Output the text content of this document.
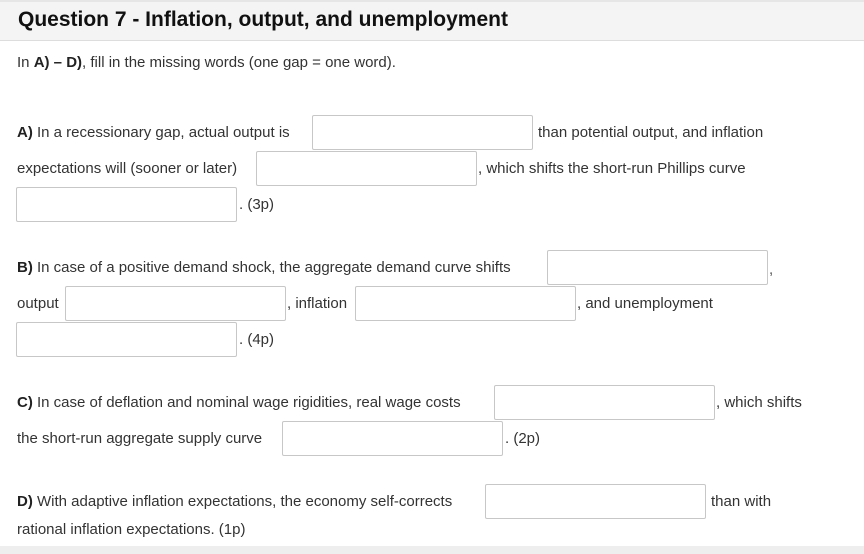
Question 7 - Inflation, output, and unemployment
In A) – D), fill in the missing words (one gap = one word).
A) In a recessionary gap, actual output is	than potential output, and inflation
expectations will (sooner or later)	, which shifts the short-run Phillips curve
. (3p)
B) In case of a positive demand shock, the aggregate demand curve shifts	,
output	, inflation	, and unemployment
. (4p)
C) In case of deflation and nominal wage rigidities, real wage costs	, which shifts
the short-run aggregate supply curve	. (2p)
D) With adaptive inflation expectations, the economy self-corrects	than with
rational inflation expectations. (1p)
